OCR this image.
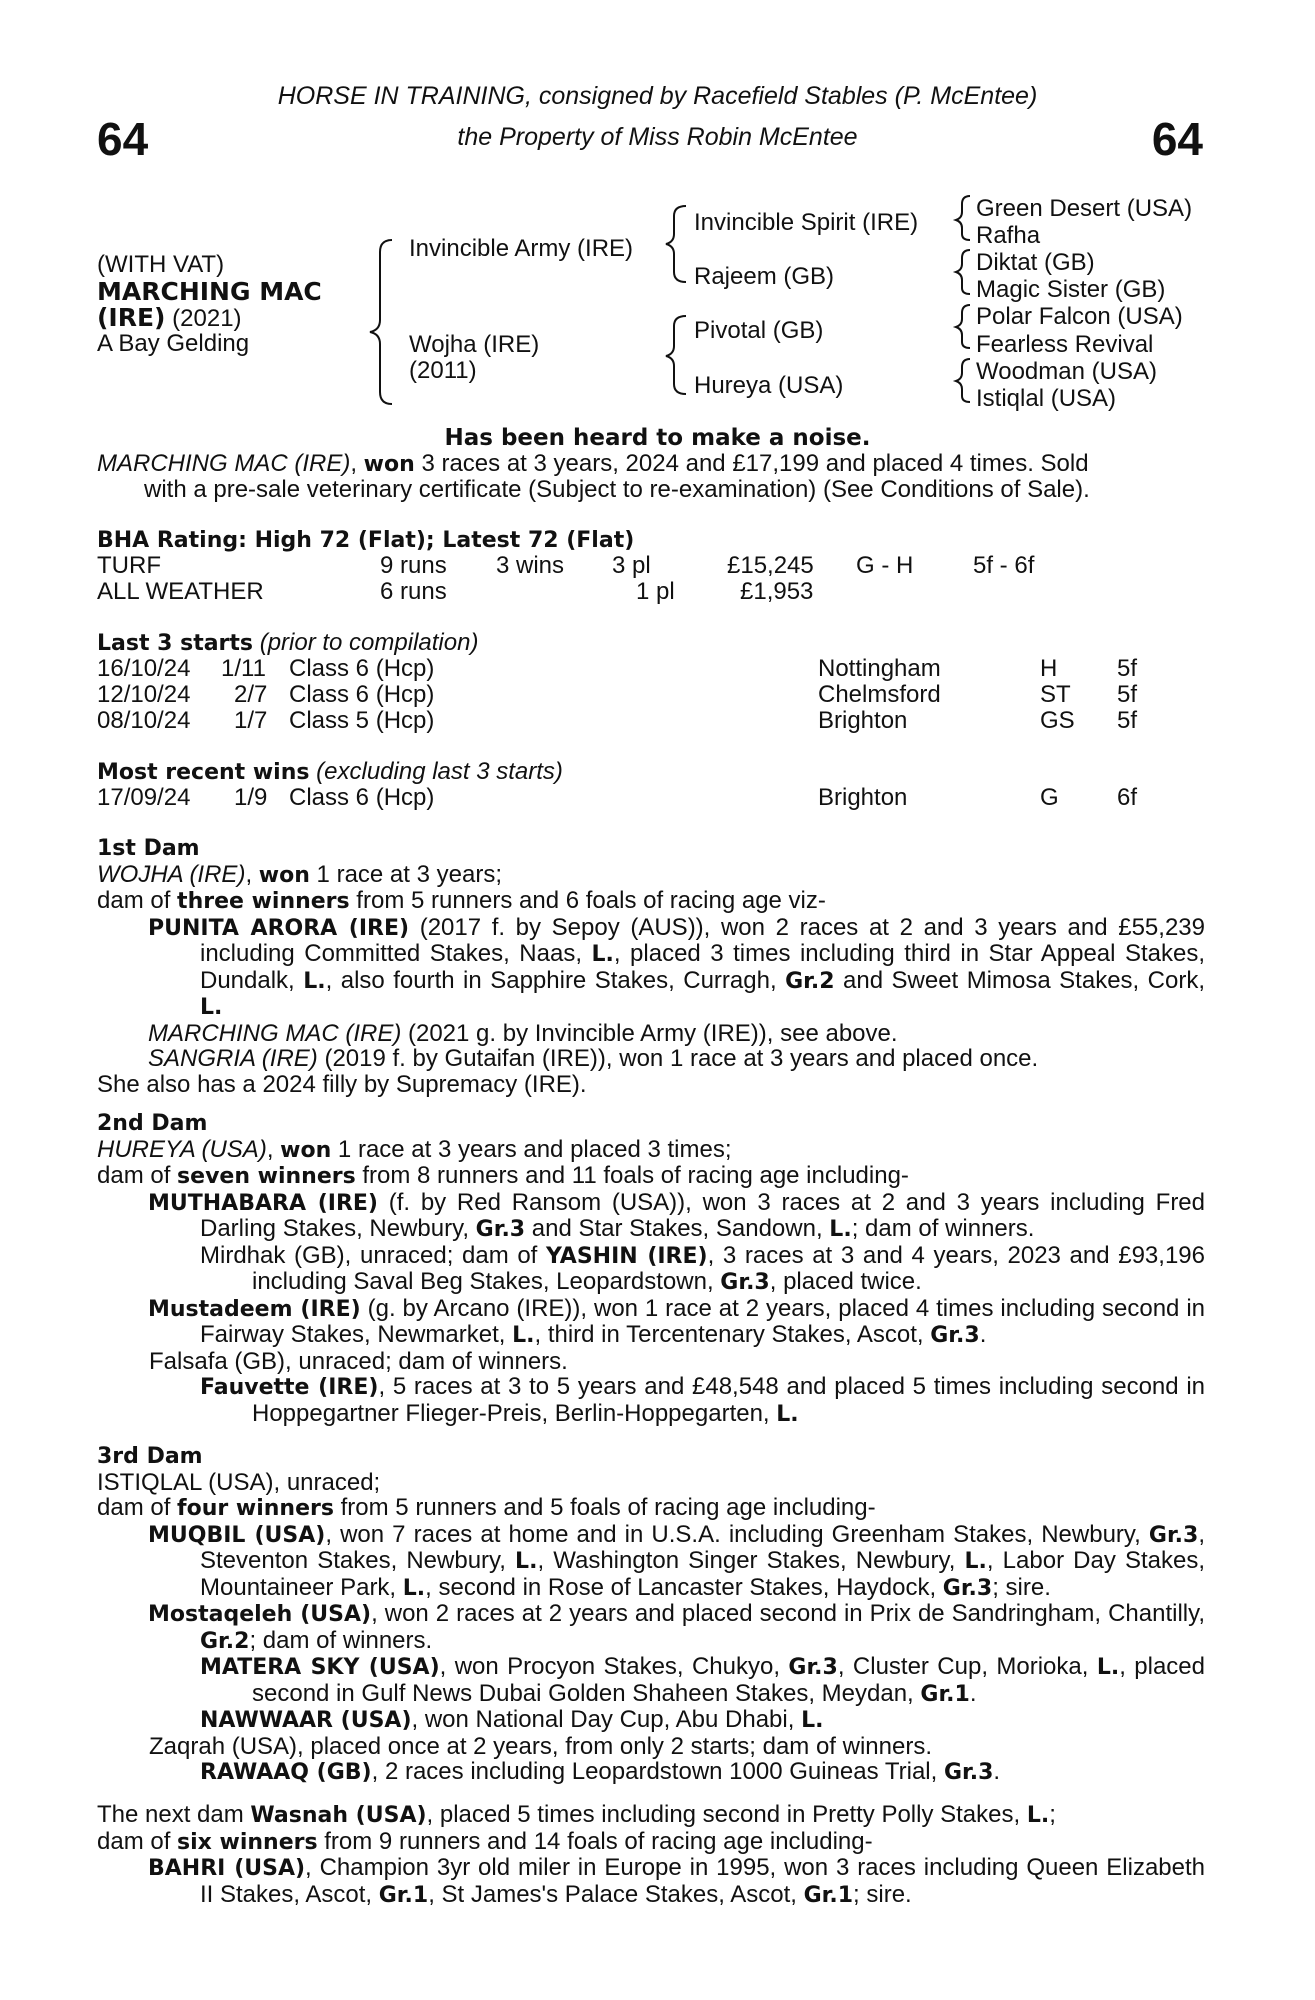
64	64
HORSE IN TRAINING, consigned by Racefield Stables (P. McEntee)
the Property of Miss Robin McEntee
(WITH VAT)
MARCHING MAC
(IRE) (2021)
A Bay Gelding
Invincible Army (IRE)
Wojha (IRE)
(2011)
Invincible Spirit (IRE)
Rajeem (GB)
Pivotal (GB)
Hureya (USA)
Green Desert (USA)
Rafha
Diktat (GB)
Magic Sister (GB)
Polar Falcon (USA)
Fearless Revival
Woodman (USA)
Istiqlal (USA)
Has been heard to make a noise.
MARCHING MAC (IRE), won 3 races at 3 years, 2024 and £17,199 and placed 4 times. Sold
with a pre-sale veterinary certificate (Subject to re-examination) (See Conditions of Sale).
BHA Rating: High 72 (Flat); Latest 72 (Flat)
TURF	9 runs 3 wins 3 pl	£15,245 G - H 5f - 6f
ALL WEATHER	6 runs	1 pl	£1,953
Last 3 starts (prior to compilation)
16/10/24 1/11 Class 6 (Hcp)	Nottingham	H 5f
12/10/24 2/7 Class 6 (Hcp)	Chelmsford	ST 5f
08/10/24 1/7 Class 5 (Hcp)	Brighton	GS 5f
Most recent wins (excluding last 3 starts)
17/09/24 1/9 Class 6 (Hcp)	Brighton	G 6f
1st Dam
WOJHA (IRE), won 1 race at 3 years;
dam of three winners from 5 runners and 6 foals of racing age viz-
PUNITA ARORA (IRE) (2017 f. by Sepoy (AUS)), won 2 races at 2 and 3 years and £55,239 including Committed Stakes, Naas, L., placed 3 times including third in Star Appeal Stakes, Dundalk, L., also fourth in Sapphire Stakes, Curragh, Gr.2 and Sweet Mimosa Stakes, Cork, L.
MARCHING MAC (IRE) (2021 g. by Invincible Army (IRE)), see above.
SANGRIA (IRE) (2019 f. by Gutaifan (IRE)), won 1 race at 3 years and placed once.
She also has a 2024 filly by Supremacy (IRE).
2nd Dam
HUREYA (USA), won 1 race at 3 years and placed 3 times;
dam of seven winners from 8 runners and 11 foals of racing age including-
MUTHABARA (IRE) (f. by Red Ransom (USA)), won 3 races at 2 and 3 years including Fred Darling Stakes, Newbury, Gr.3 and Star Stakes, Sandown, L.; dam of winners.
Mirdhak (GB), unraced; dam of YASHIN (IRE), 3 races at 3 and 4 years, 2023 and £93,196 including Saval Beg Stakes, Leopardstown, Gr.3, placed twice.
Mustadeem (IRE) (g. by Arcano (IRE)), won 1 race at 2 years, placed 4 times including second in Fairway Stakes, Newmarket, L., third in Tercentenary Stakes, Ascot, Gr.3.
Falsafa (GB), unraced; dam of winners.
Fauvette (IRE), 5 races at 3 to 5 years and £48,548 and placed 5 times including second in Hoppegartner Flieger-Preis, Berlin-Hoppegarten, L.
3rd Dam
ISTIQLAL (USA), unraced;
dam of four winners from 5 runners and 5 foals of racing age including-
MUQBIL (USA), won 7 races at home and in U.S.A. including Greenham Stakes, Newbury, Gr.3, Steventon Stakes, Newbury, L., Washington Singer Stakes, Newbury, L., Labor Day Stakes, Mountaineer Park, L., second in Rose of Lancaster Stakes, Haydock, Gr.3; sire.
Mostaqeleh (USA), won 2 races at 2 years and placed second in Prix de Sandringham, Chantilly, Gr.2; dam of winners.
MATERA SKY (USA), won Procyon Stakes, Chukyo, Gr.3, Cluster Cup, Morioka, L., placed second in Gulf News Dubai Golden Shaheen Stakes, Meydan, Gr.1.
NAWWAAR (USA), won National Day Cup, Abu Dhabi, L.
Zaqrah (USA), placed once at 2 years, from only 2 starts; dam of winners.
RAWAAQ (GB), 2 races including Leopardstown 1000 Guineas Trial, Gr.3.
The next dam Wasnah (USA), placed 5 times including second in Pretty Polly Stakes, L.;
dam of six winners from 9 runners and 14 foals of racing age including-
BAHRI (USA), Champion 3yr old miler in Europe in 1995, won 3 races including Queen Elizabeth II Stakes, Ascot, Gr.1, St James's Palace Stakes, Ascot, Gr.1; sire.
